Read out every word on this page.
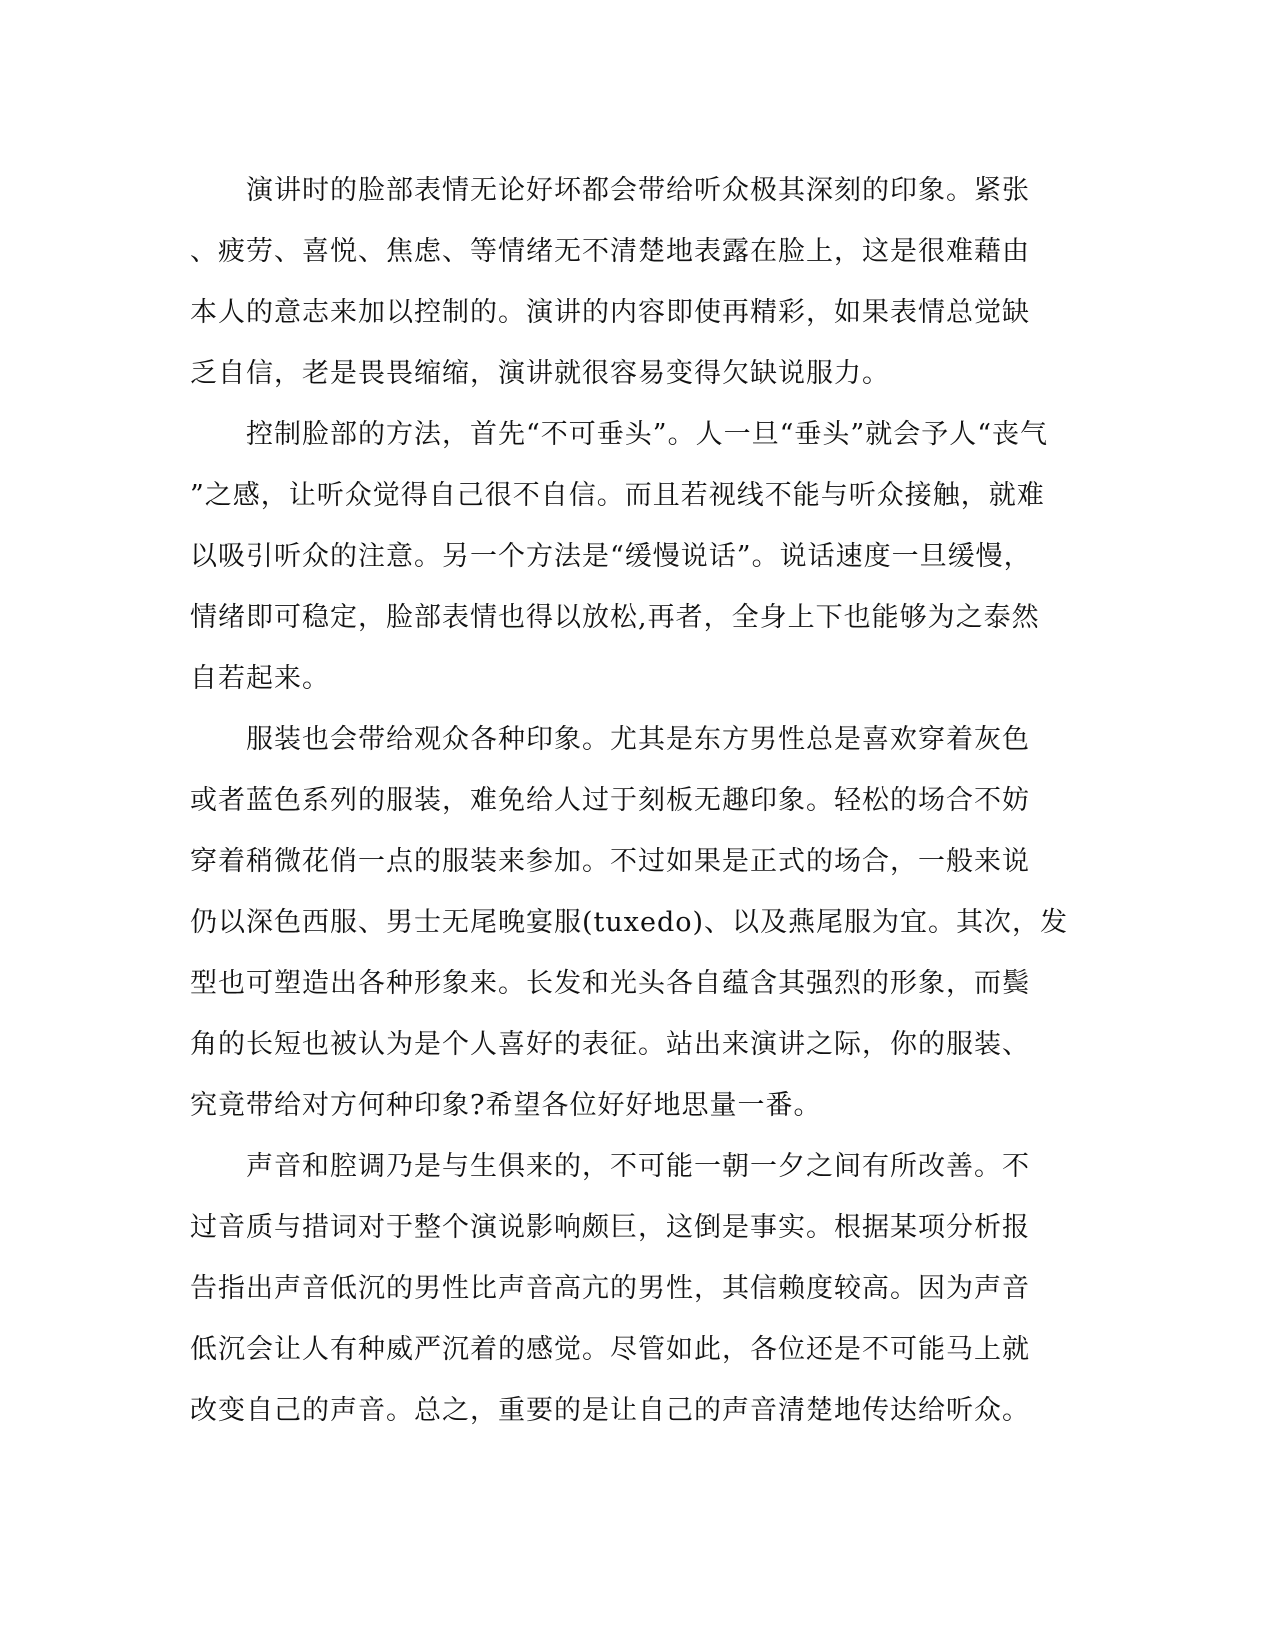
　　演讲时的脸部表情无论好坏都会带给听众极其深刻的印象。紧张
、疲劳、喜悦、焦虑、等情绪无不清楚地表露在脸上，这是很难藉由
本人的意志来加以控制的。演讲的内容即使再精彩，如果表情总觉缺
乏自信，老是畏畏缩缩，演讲就很容易变得欠缺说服力。
　　控制脸部的方法，首先“不可垂头”。人一旦“垂头”就会予人“丧气
”之感，让听众觉得自己很不自信。而且若视线不能与听众接触，就难
以吸引听众的注意。另一个方法是“缓慢说话”。说话速度一旦缓慢，
情绪即可稳定，脸部表情也得以放松,再者，全身上下也能够为之泰然
自若起来。
　　服装也会带给观众各种印象。尤其是东方男性总是喜欢穿着灰色
或者蓝色系列的服装，难免给人过于刻板无趣印象。轻松的场合不妨
穿着稍微花俏一点的服装来参加。不过如果是正式的场合，一般来说
仍以深色西服、男士无尾晚宴服(tuxedo)、以及燕尾服为宜。其次，发
型也可塑造出各种形象来。长发和光头各自蕴含其强烈的形象，而鬓
角的长短也被认为是个人喜好的表征。站出来演讲之际，你的服装、
究竟带给对方何种印象?希望各位好好地思量一番。
　　声音和腔调乃是与生俱来的，不可能一朝一夕之间有所改善。不
过音质与措词对于整个演说影响颇巨，这倒是事实。根据某项分析报
告指出声音低沉的男性比声音高亢的男性，其信赖度较高。因为声音
低沉会让人有种威严沉着的感觉。尽管如此，各位还是不可能马上就
改变自己的声音。总之，重要的是让自己的声音清楚地传达给听众。
